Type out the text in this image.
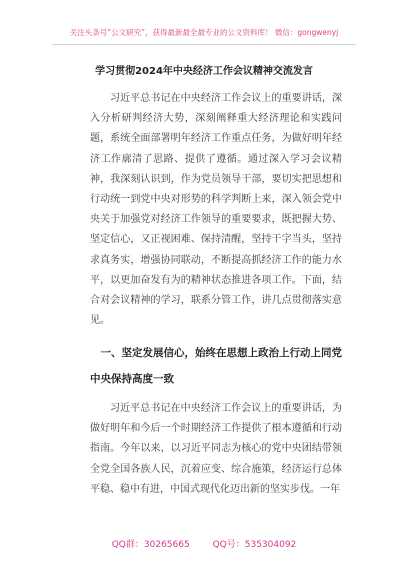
关注头条号“公文研究”，获得最新最全最专业的公文资料库！ 微信：gongwenyj
学习贯彻2024年中央经济工作会议精神交流发言

习近平总书记在中央经济工作会议上的重要讲话，深入分析研判经济大势，深刻阐释重大经济理论和实践问题，系统全面部署明年经济工作重点任务，为做好明年经济工作廓清了思路、提供了遵循。通过深入学习会议精神，我深刻认识到，作为党员领导干部，要切实把思想和行动统一到党中央对形势的科学判断上来，深入领会党中央关于加强党对经济工作领导的重要要求，既把握大势、坚定信心，又正视困难、保持清醒，坚持干字当头，坚持求真务实，增强协同联动，不断提高抓经济工作的能力水平，以更加奋发有为的精神状态推进各项工作。下面，结合对会议精神的学习，联系分管工作，讲几点贯彻落实意见。

一、坚定发展信心，始终在思想上政治上行动上同党中央保持高度一致

习近平总书记在中央经济工作会议上的重要讲话，为做好明年和今后一个时期经济工作提供了根本遵循和行动指南。今年以来，以习近平同志为核心的党中央团结带领全党全国各族人民，沉着应变、综合施策，经济运行总体平稳、稳中有进，中国式现代化迈出新的坚实步伐。一年

QQ群：30265665	QQ号：535304092
